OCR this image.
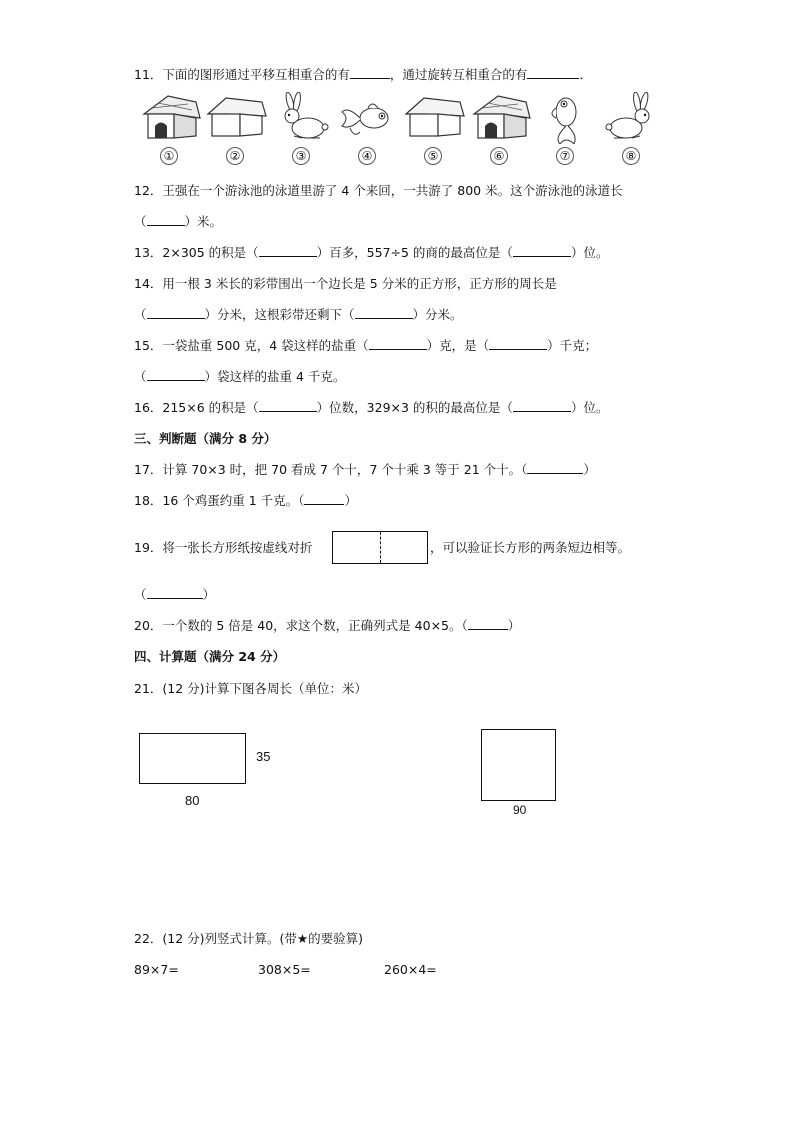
11．下面的图形通过平移互相重合的有	，通过旋转互相重合的有	．
①	②	③	④	⑤	⑥	⑦	⑧
12．王强在一个游泳池的泳道里游了 4 个来回，一共游了 800 米。这个游泳池的泳道长
（	）米。
13．2×305 的积是（	）百多，557÷5 的商的最高位是（	）位。
14．用一根 3 米长的彩带围出一个边长是 5 分米的正方形，正方形的周长是
（	）分米，这根彩带还剩下（	）分米。
15．一袋盐重 500 克，4 袋这样的盐重（	）克，是（	）千克；
（	）袋这样的盐重 4 千克。
16．215×6 的积是（	）位数，329×3 的积的最高位是（	）位。
三、判断题（满分 8 分）
17．计算 70×3 时，把 70 看成 7 个十，7 个十乘 3 等于 21 个十。（	）
18．16 个鸡蛋约重 1 千克。（	）
19．将一张长方形纸按虚线对折	，可以验证长方形的两条短边相等。
（	）
20．一个数的 5 倍是 40，求这个数，正确列式是 40×5。（	）
四、计算题（满分 24 分）
21．(12 分)计算下图各周长（单位：米）
35
80
90
22．(12 分)列竖式计算。(带★的要验算)
89×7=	308×5=	260×4=
